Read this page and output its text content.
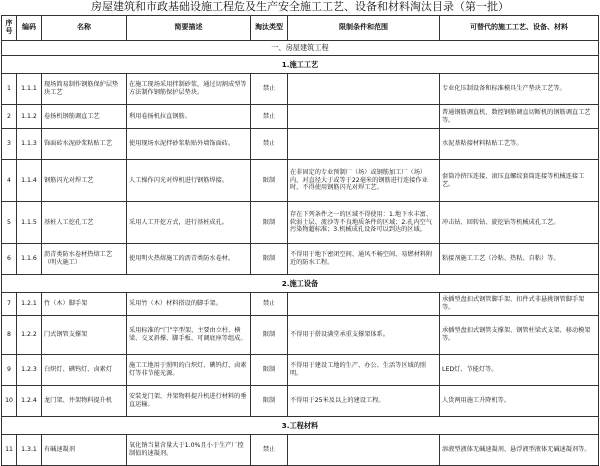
房屋建筑和市政基础设施工程危及生产安全施工工艺、设备和材料淘汰目录（第一批）
序号	编码	名称	简要描述	淘汰类型	限制条件和范围	可替代的施工工艺、设备、材料
一、房屋建筑工程						
1.施工工艺						
1	1.1.1	现场简易制作钢筋保护层垫块工艺	在施工现场采用拌制砂浆，通过切割成型等方法制作钢筋保护层垫块。	禁止		专业化压制设备和标准模具生产垫块工艺等。
2	1.1.2	卷扬机钢筋调直工艺	利用卷扬机拉直钢筋。	禁止		普通钢筋调直机、数控钢筋调直切断机的钢筋调直工艺等。
3	1.1.3	饰面砖水泥砂浆粘贴工艺	使用现场水泥拌砂浆粘贴外墙饰面砖。	禁止		水泥基粘接材料粘贴工艺等。
4	1.1.4	钢筋闪光对焊工艺	人工操作闪光对焊机进行钢筋焊接。	限制	在非固定的专业预制厂（场）或钢筋加工厂（场）内，对直径大于或等于22毫米的钢筋进行连接作业时，不得使用钢筋闪光对焊工艺。	套筒冷挤压连接、滚压直螺纹套筒连接等机械连接工艺。
5	1.1.5	基桩人工挖孔工艺	采用人工开挖方式，进行基桩成孔。	限制	存在下列条件之一的区域不得使用：1.地下水丰富、软弱土层、流沙等不良地质条件的区域；2.孔内空气污染物超标准；3.机械成孔设备可以到达的区域。	冲击钻、回转钻、旋挖钻等机械成孔工艺。
6	1.1.6	沥青类防水卷材热熔工艺（明火施工）	使用明火热熔施工的沥青类防水卷材。	限制	不得用于地下密闭空间、通风不畅空间、易燃材料附近的防水工程。	粘接剂施工工艺（冷粘、热粘、自粘）等。
2.施工设备						
7	1.2.1	竹（木）脚手架	采用竹（木）材料搭设的脚手架。	禁止		承插型盘扣式钢管脚手架、扣件式非悬挑钢管脚手架等。
8	1.2.2	门式钢管支撑架	采用标准的“门”字型架、主要由立柱、横梁、交叉斜撑、脚手板、可调底座等组成。	限制	不得用于搭设满堂承重支撑架体系。	承插型盘扣式钢管支撑架、钢管柱梁式支架、移动模架等。
9	1.2.3	白炽灯、碘钨灯、卤素灯	施工工地用于照明的白炽灯、碘钨灯、卤素灯等非节能光源。	限制	不得用于建设工地的生产、办公、生活等区域的照明。	LED灯、节能灯等。
10	1.2.4	龙门架、井架物料提升机	安装龙门架、井架物料提升机进行材料的垂直运输。	限制	不得用于25米及以上的建设工程。	人货两用施工升降机等。
3.工程材料						
11	1.3.1	有碱速凝剂	氧化钠当量含量大于1.0%且小于生产厂控制值的速凝剂。	禁止		溶液型液体无碱速凝剂、悬浮液型液体无碱速凝剂等。
